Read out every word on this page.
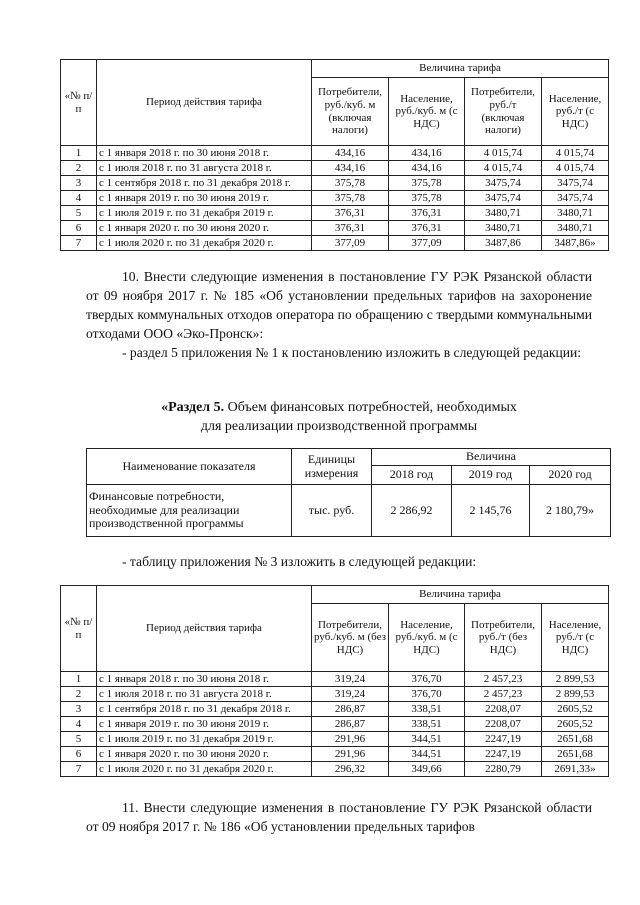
«№ п/п	Период действия тарифа	Величина тарифа			
		Потребители, руб./куб. м (включая налоги)	Население, руб./куб. м (с НДС)	Потребители, руб./т (включая налоги)	Население, руб./т (с НДС)
1	с 1 января 2018 г. по 30 июня 2018 г.	434,16	434,16	4 015,74	4 015,74
2	с 1 июля 2018 г. по 31 августа 2018 г.	434,16	434,16	4 015,74	4 015,74
3	с 1 сентября 2018 г. по 31 декабря 2018 г.	375,78	375,78	3475,74	3475,74
4	с 1 января 2019 г. по 30 июня 2019 г.	375,78	375,78	3475,74	3475,74
5	с 1 июля 2019 г. по 31 декабря 2019 г.	376,31	376,31	3480,71	3480,71
6	с 1 января 2020 г. по 30 июня 2020 г.	376,31	376,31	3480,71	3480,71
7	с 1 июля 2020 г. по 31 декабря 2020 г.	377,09	377,09	3487,86	3487,86»

10. Внести следующие изменения в постановление ГУ РЭК Рязанской области от 09 ноября 2017 г. № 185 «Об установлении предельных тарифов на захоронение твердых коммунальных отходов оператора по обращению с твердыми коммунальными отходами ООО «Эко-Пронск»:

- раздел 5 приложения № 1 к постановлению изложить в следующей редакции:

«Раздел 5. Объем финансовых потребностей, необходимых
для реализации производственной программы
Наименование показателя	Единицы измерения	Величина		
		2018 год	2019 год	2020 год
Финансовые потребности, необходимые для реализации производственной программы	тыс. руб.	2 286,92	2 145,76	2 180,79»

- таблицу приложения № 3 изложить в следующей редакции:

«№ п/п	Период действия тарифа	Величина тарифа			
		Потребители, руб./куб. м (без НДС)	Население, руб./куб. м (с НДС)	Потребители, руб./т (без НДС)	Население, руб./т (с НДС)
1	с 1 января 2018 г. по 30 июня 2018 г.	319,24	376,70	2 457,23	2 899,53
2	с 1 июля 2018 г. по 31 августа 2018 г.	319,24	376,70	2 457,23	2 899,53
3	с 1 сентября 2018 г. по 31 декабря 2018 г.	286,87	338,51	2208,07	2605,52
4	с 1 января 2019 г. по 30 июня 2019 г.	286,87	338,51	2208,07	2605,52
5	с 1 июля 2019 г. по 31 декабря 2019 г.	291,96	344,51	2247,19	2651,68
6	с 1 января 2020 г. по 30 июня 2020 г.	291,96	344,51	2247,19	2651,68
7	с 1 июля 2020 г. по 31 декабря 2020 г.	296,32	349,66	2280,79	2691,33»

11. Внести следующие изменения в постановление ГУ РЭК Рязанской области от 09 ноября 2017 г. № 186 «Об установлении предельных тарифов
